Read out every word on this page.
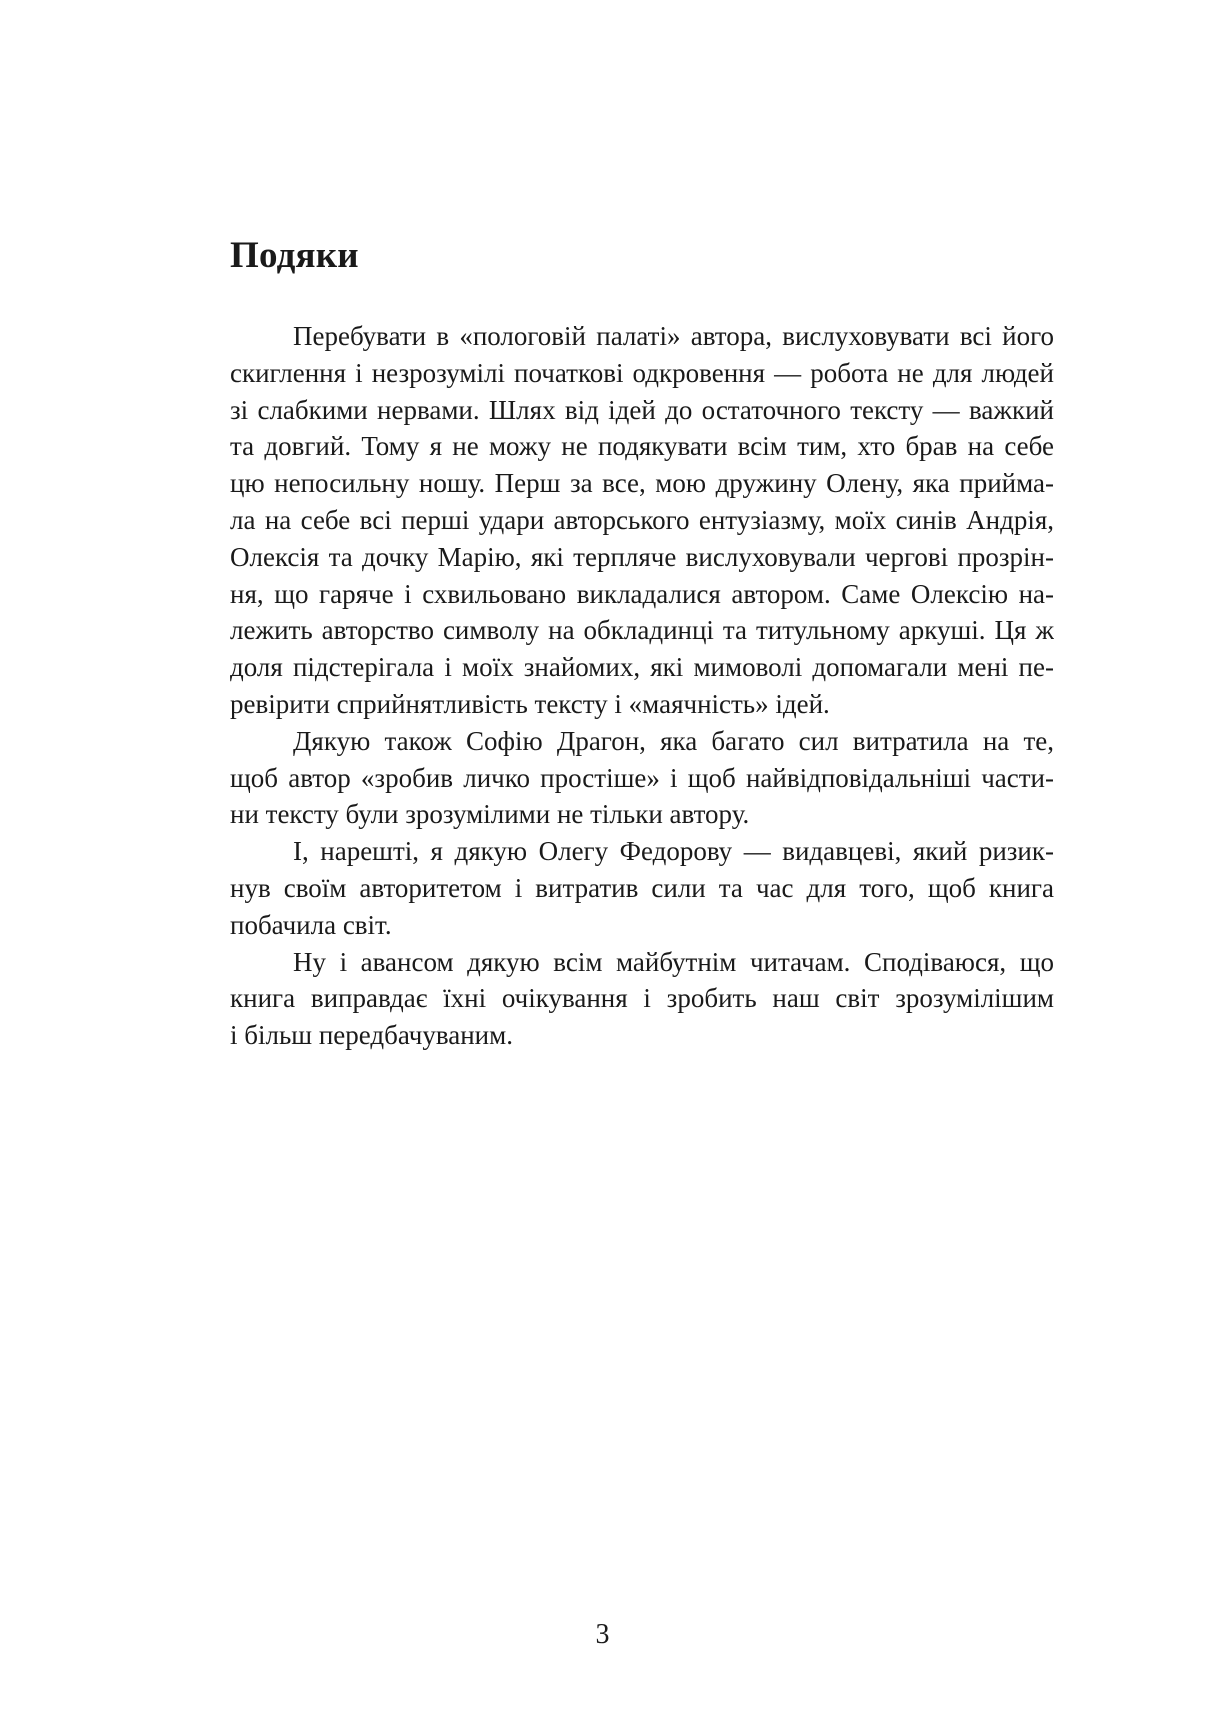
Подяки
Перебувати в «пологовій палаті» автора, вислуховувати всі його
скиглення і незрозумілі початкові одкровення — робота не для людей
зі слабкими нервами. Шлях від ідей до остаточного тексту — важкий
та довгий. Тому я не можу не подякувати всім тим, хто брав на себе
цю непосильну ношу. Перш за все, мою дружину Олену, яка прийма-
ла на себе всі перші удари авторського ентузіазму, моїх синів Андрія,
Олексія та дочку Марію, які терпляче вислуховували чергові прозрін-
ня, що гаряче і схвильовано викладалися автором. Саме Олексію на-
лежить авторство символу на обкладинці та титульному аркуші. Ця ж
доля підстерігала і моїх знайомих, які мимоволі допомагали мені пе-
ревірити сприйнятливість тексту і «маячність» ідей.
Дякую також Софію Драгон, яка багато сил витратила на те,
щоб автор «зробив личко простіше» і щоб найвідповідальніші части-
ни тексту були зрозумілими не тільки автору.
І, нарешті, я дякую Олегу Федорову — видавцеві, який ризик-
нув своїм авторитетом і витратив сили та час для того, щоб книга
побачила світ.
Ну і авансом дякую всім майбутнім читачам. Сподіваюся, що
книга виправдає їхні очікування і зробить наш світ зрозумілішим
і більш передбачуваним.
3
